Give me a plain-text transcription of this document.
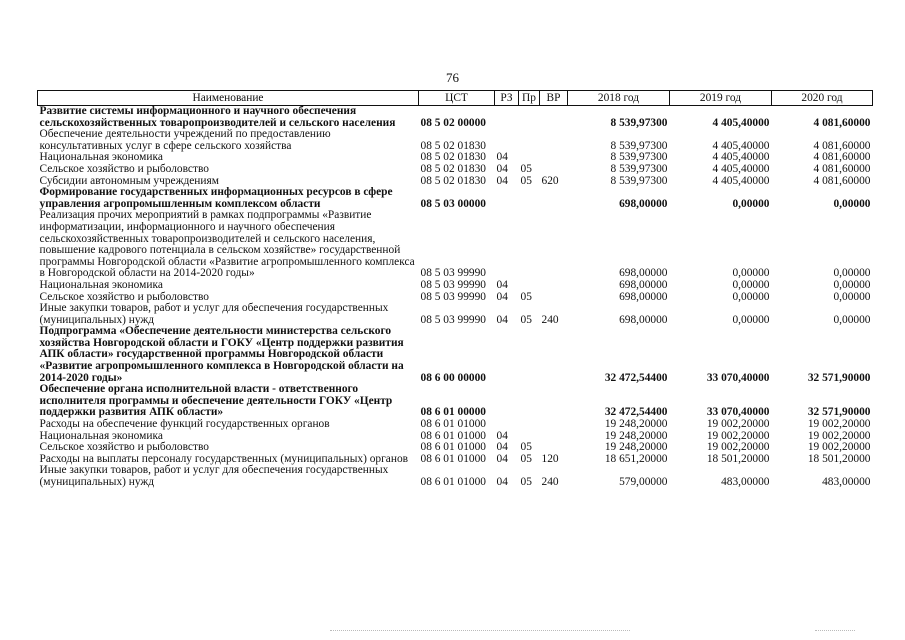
76
Наименование	ЦСТ	РЗ	Пр	ВР	2018 год	2019 год	2020 год
Развитие системы информационного и научного обеспечения сельскохозяйственных товаропроизводителей и сельского населения	08 5 02 00000				8 539,97300	4 405,40000	4 081,60000
Обеспечение деятельности учреждений по предоставлению консультативных услуг в сфере сельского хозяйства	08 5 02 01830				8 539,97300	4 405,40000	4 081,60000
Национальная экономика	08 5 02 01830	04			8 539,97300	4 405,40000	4 081,60000
Сельское хозяйство и рыболовство	08 5 02 01830	04	05		8 539,97300	4 405,40000	4 081,60000
Субсидии автономным учреждениям	08 5 02 01830	04	05	620	8 539,97300	4 405,40000	4 081,60000
Формирование государственных информационных ресурсов в сфере управления агропромышленным комплексом области	08 5 03 00000				698,00000	0,00000	0,00000
Реализация прочих мероприятий в рамках подпрограммы «Развитие информатизации, информационного и научного обеспечения сельскохозяйственных товаропроизводителей и сельского населения, повышение кадрового потенциала в сельском хозяйстве» государственной программы Новгородской области «Развитие агропромышленного комплекса в Новгородской области на 2014-2020 годы»	08 5 03 99990				698,00000	0,00000	0,00000
Национальная экономика	08 5 03 99990	04			698,00000	0,00000	0,00000
Сельское хозяйство и рыболовство	08 5 03 99990	04	05		698,00000	0,00000	0,00000
Иные закупки товаров, работ и услуг для обеспечения государственных (муниципальных) нужд	08 5 03 99990	04	05	240	698,00000	0,00000	0,00000
Подпрограмма «Обеспечение деятельности министерства сельского хозяйства Новгородской области и ГОКУ «Центр поддержки развития АПК области» государственной программы Новгородской области «Развитие агропромышленного комплекса в Новгородской области на 2014-2020 годы»	08 6 00 00000				32 472,54400	33 070,40000	32 571,90000
Обеспечение органа исполнительной власти - ответственного исполнителя программы и обеспечение деятельности ГОКУ «Центр поддержки развития АПК области»	08 6 01 00000				32 472,54400	33 070,40000	32 571,90000
Расходы на обеспечение функций государственных органов	08 6 01 01000				19 248,20000	19 002,20000	19 002,20000
Национальная экономика	08 6 01 01000	04			19 248,20000	19 002,20000	19 002,20000
Сельское хозяйство и рыболовство	08 6 01 01000	04	05		19 248,20000	19 002,20000	19 002,20000
Расходы на выплаты персоналу государственных (муниципальных) органов	08 6 01 01000	04	05	120	18 651,20000	18 501,20000	18 501,20000
Иные закупки товаров, работ и услуг для обеспечения государственных (муниципальных) нужд	08 6 01 01000	04	05	240	579,00000	483,00000	483,00000
